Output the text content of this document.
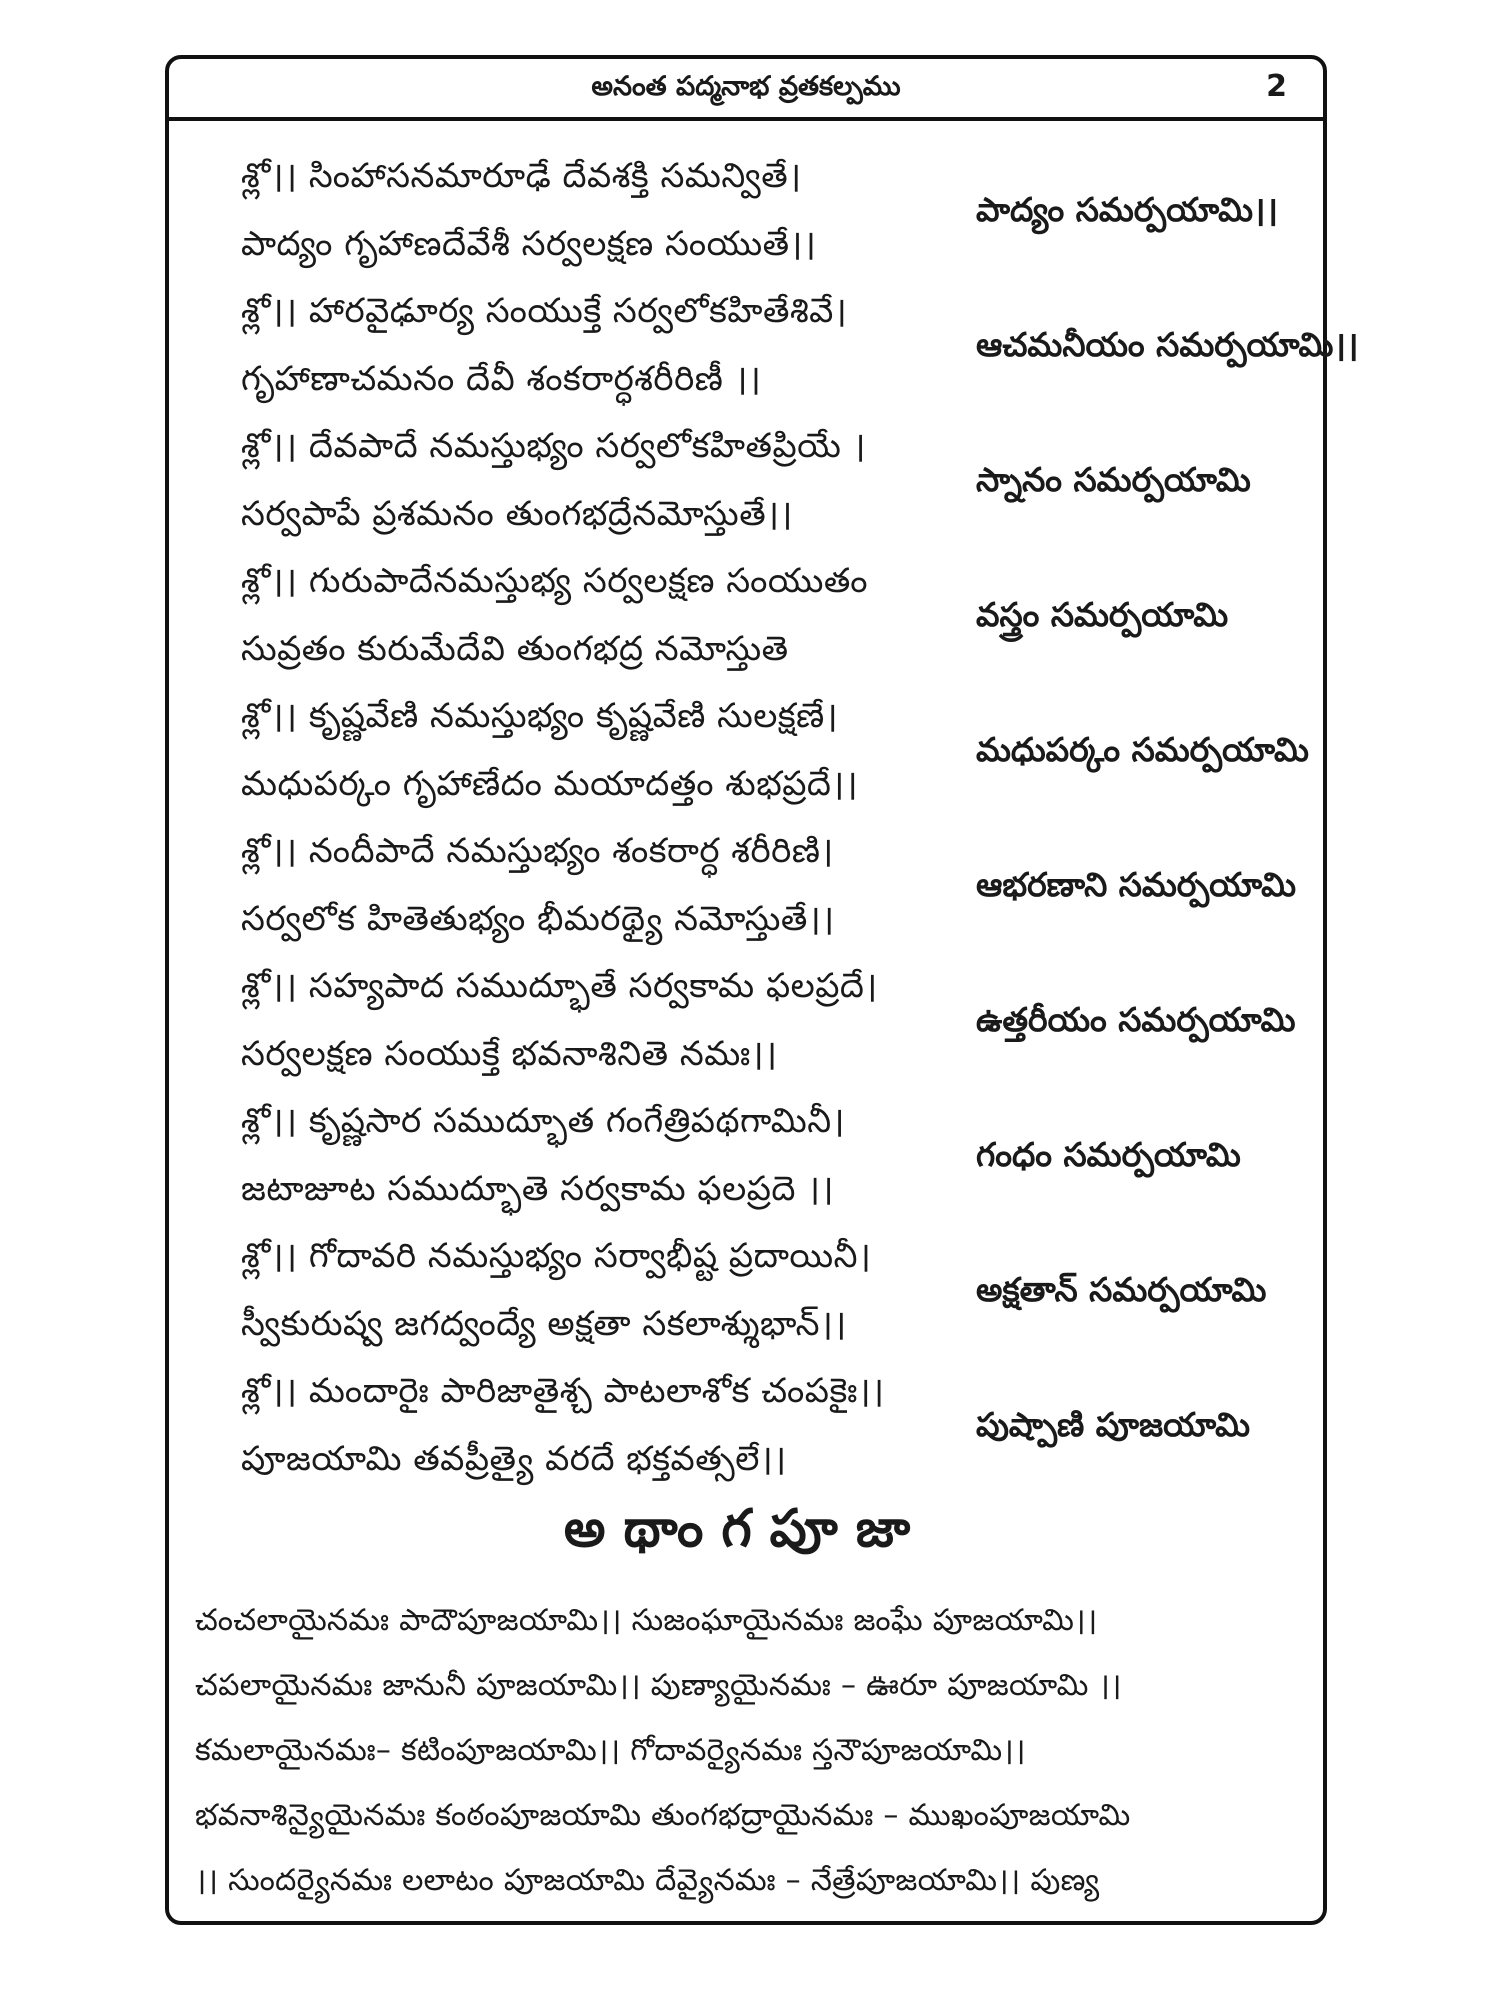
అనంత పద్మనాభ వ్రతకల్పము	2
శ్లో।। సింహాసనమారూఢే దేవశక్తి సమన్వితే।
పాద్యం గృహాణదేవేశీ సర్వలక్షణ సంయుతే।।
పాద్యం సమర్పయామి।।
శ్లో।। హారవైఢూర్య సంయుక్తే సర్వలోకహితేశివే।
గృహాణాచమనం దేవీ శంకరార్ధశరీరిణీ ।।
ఆచమనీయం సమర్పయామి।।
శ్లో।। దేవపాదే నమస్తుభ్యం సర్వలోకహితప్రియే ।
సర్వపాపే ప్రశమనం తుంగభద్రేనమోస్తుతే।।
స్నానం సమర్పయామి
శ్లో।। గురుపాదేనమస్తుభ్య సర్వలక్షణ సంయుతం
సువ్రతం కురుమేదేవి తుంగభద్ర నమోస్తుతె
వస్త్రం సమర్పయామి
శ్లో।। కృష్ణవేణి నమస్తుభ్యం కృష్ణవేణి సులక్షణే।
మధుపర్కం గృహాణేదం మయాదత్తం శుభప్రదే।।
మధుపర్కం సమర్పయామి
శ్లో।। నందీపాదే నమస్తుభ్యం శంకరార్ధ శరీరిణి।
సర్వలోక హితెతుభ్యం భీమరథ్యై నమోస్తుతే।।
ఆభరణాని సమర్పయామి
శ్లో।। సహ్యపాద సముద్భూతే సర్వకామ ఫలప్రదే।
సర్వలక్షణ సంయుక్తే భవనాశినితె నమః।।
ఉత్తరీయం సమర్పయామి
శ్లో।। కృష్ణసార సముద్భూత గంగేత్రిపథగామినీ।
జటాజూట సముద్భూతె సర్వకామ ఫలప్రదె ।।
గంధం సమర్పయామి
శ్లో।। గోదావరి నమస్తుభ్యం సర్వాభీష్ట ప్రదాయినీ।
స్వీకురుష్వ జగద్వంద్యే అక్షతా సకలాశ్శుభాన్।।
అక్షతాన్ సమర్పయామి
శ్లో।। మందారైః పారిజాతైశ్చ పాటలాశోక చంపకైః।।
పూజయామి తవప్రీత్యై వరదే భక్తవత్సలే।।
పుష్పాణి పూజయామి
అథాంగపూజా
చంచలాయైనమః పాదౌపూజయామి।। సుజంఘాయైనమః జంఘే పూజయామి।।
చపలాయైనమః జానునీ పూజయామి।। పుణ్యాయైనమః – ఊరూ పూజయామి ।।
కమలాయైనమః– కటింపూజయామి।। గోదావర్యైనమః స్తనౌపూజయామి।।
భవనాశిన్యైయైనమః కంఠంపూజయామి తుంగభద్రాయైనమః – ముఖంపూజయామి
।। సుందర్యైనమః లలాటం పూజయామి దేవ్యైనమః – నేత్రేపూజయామి।। పుణ్య
